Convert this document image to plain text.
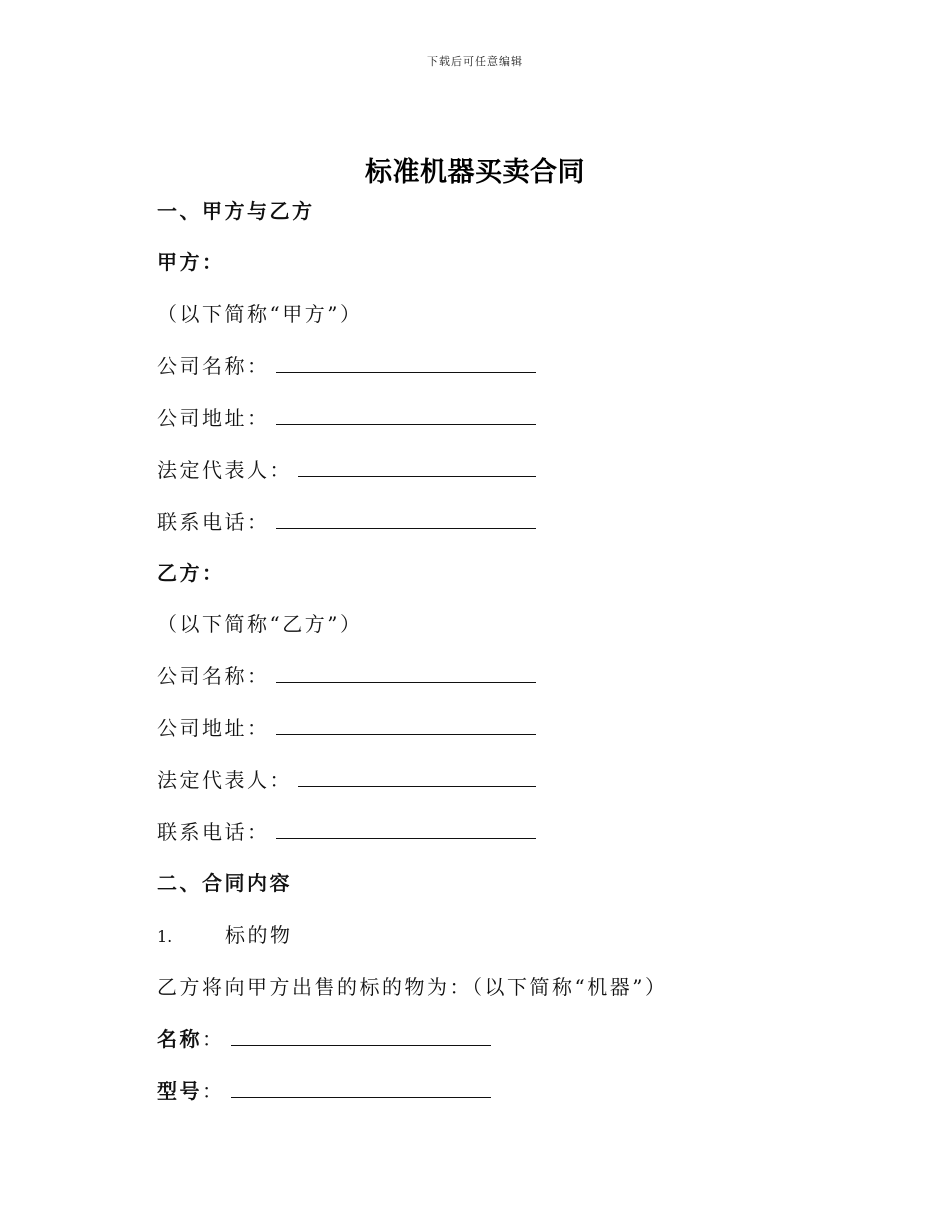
下载后可任意编辑
标准机器买卖合同
一、甲方与乙方
甲方：
（以下简称“甲方”）
公司名称：
公司地址：
法定代表人：
联系电话：
乙方：
（以下简称“乙方”）
公司名称：
公司地址：
法定代表人：
联系电话：
二、合同内容
1.	标的物
乙方将向甲方出售的标的物为：（以下简称“机器”）
名称：
型号：
